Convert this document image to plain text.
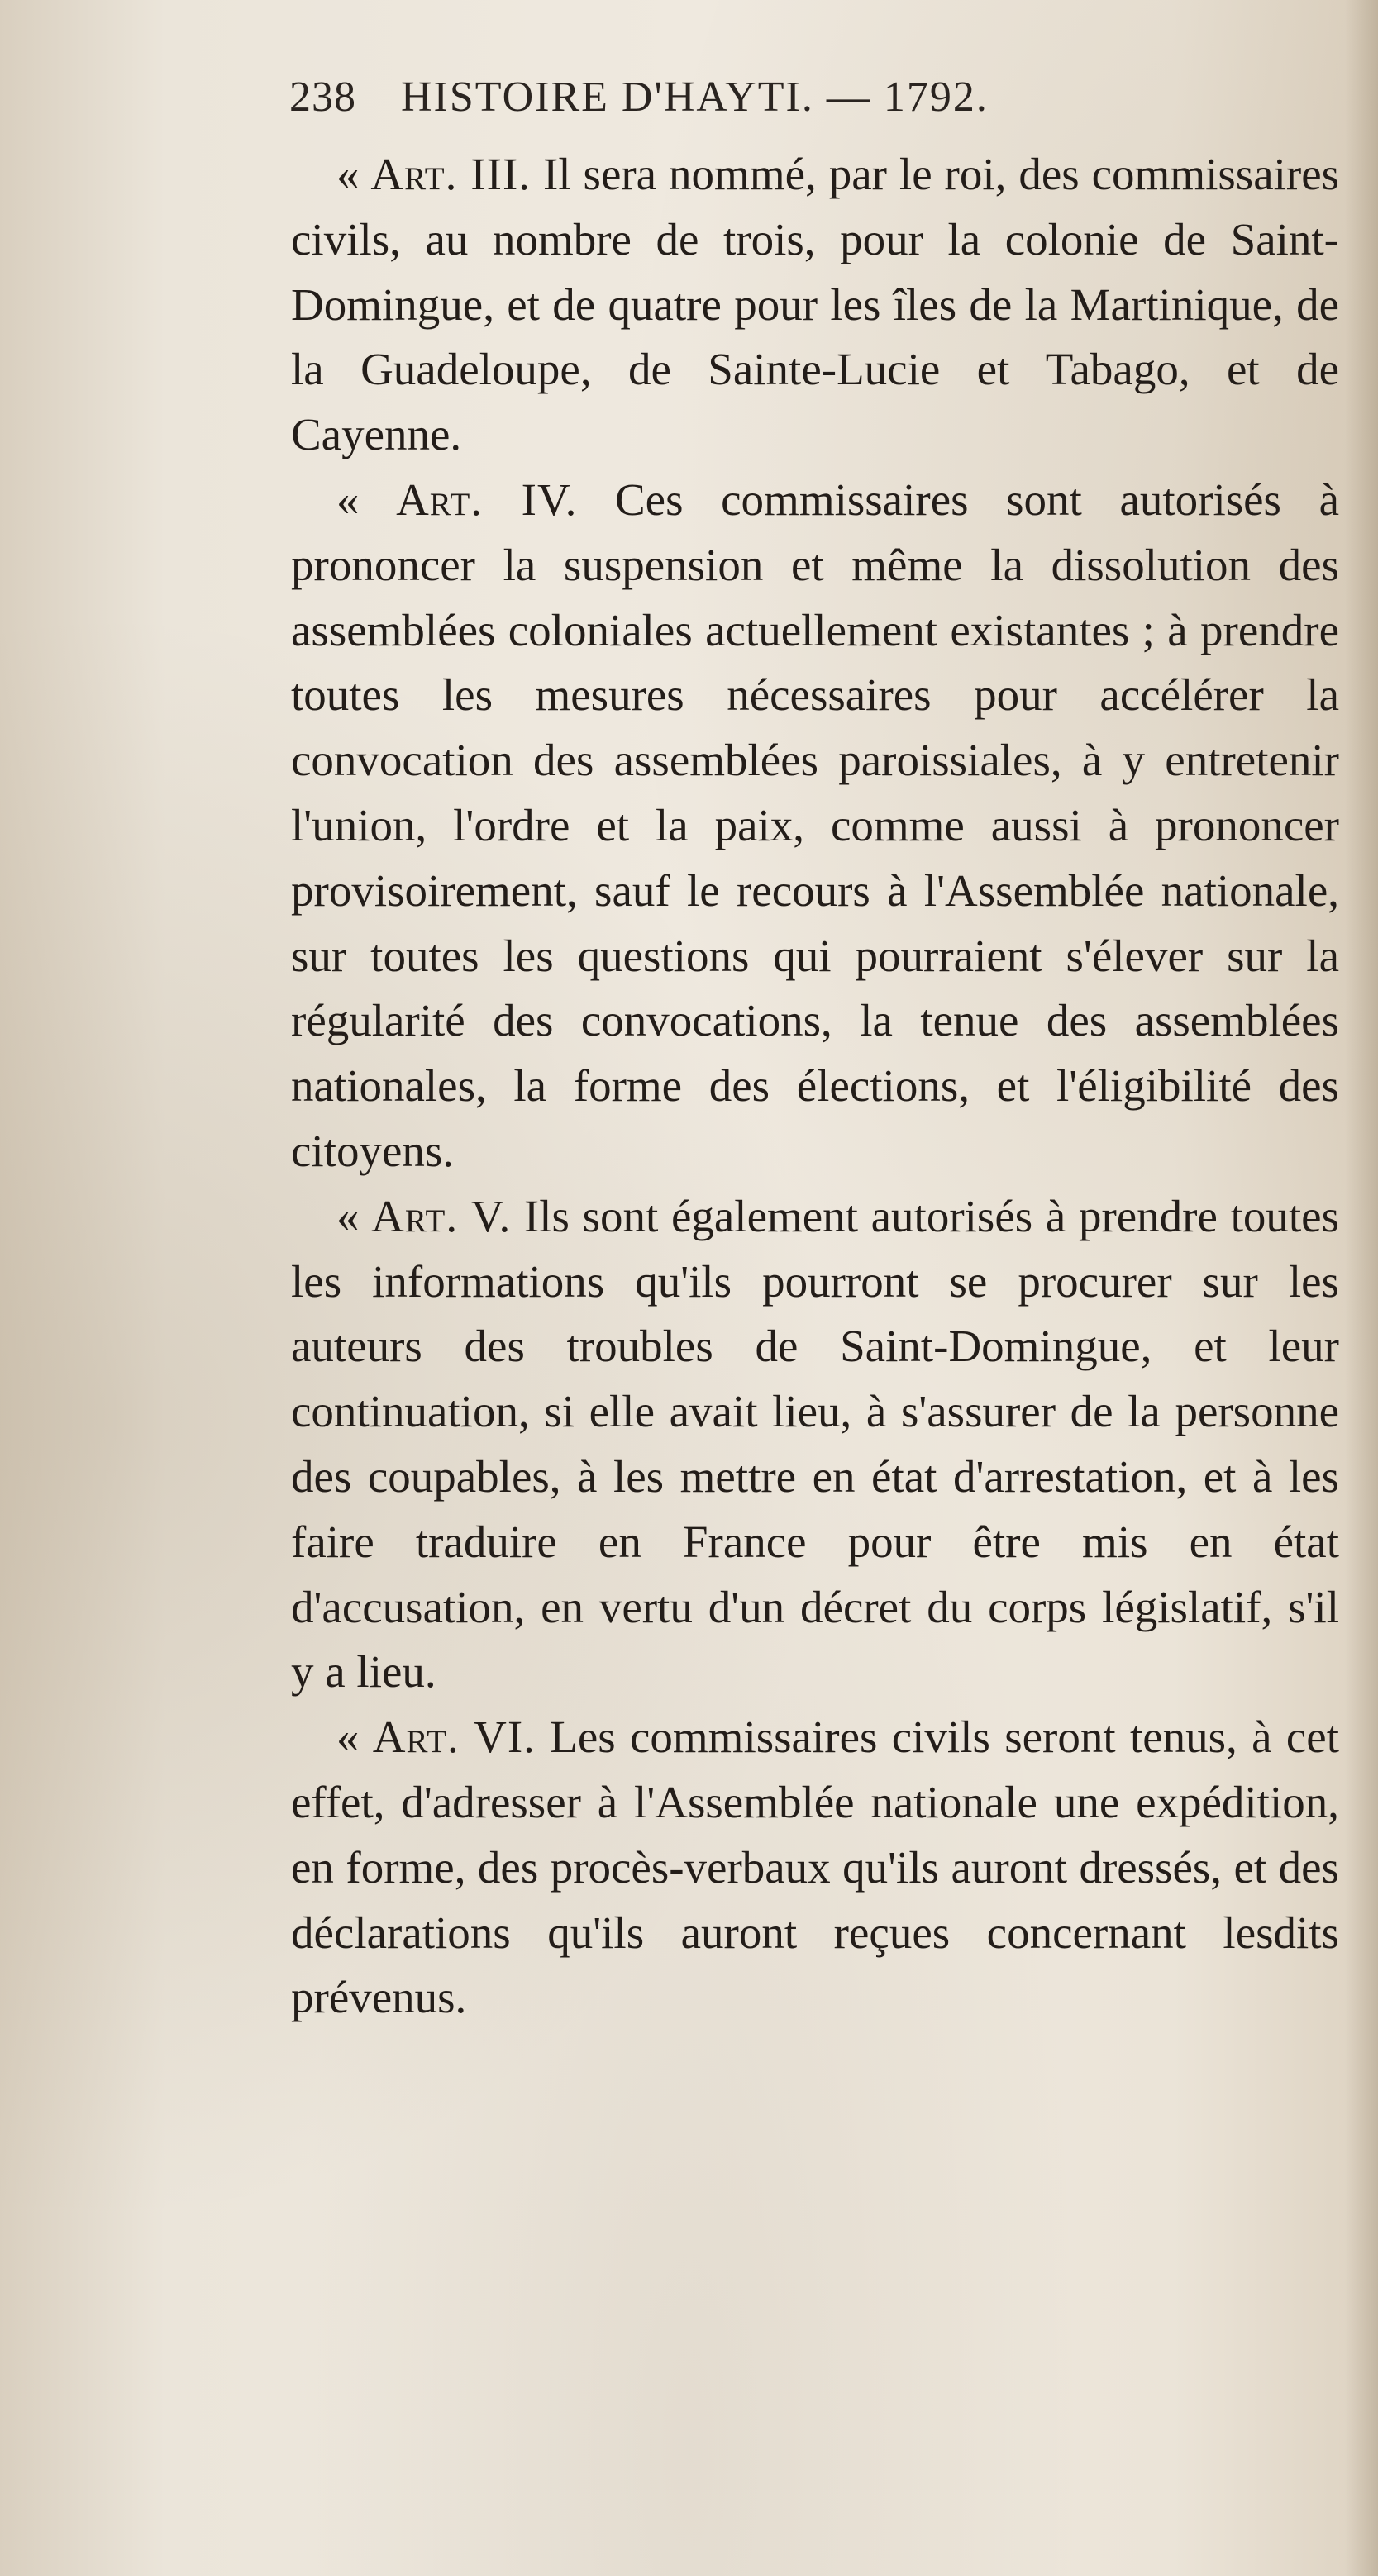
238 HISTOIRE D'HAYTI. — 1792.

« Art. III. Il sera nommé, par le roi, des commissaires civils, au nombre de trois, pour la colonie de Saint-Domingue, et de quatre pour les îles de la Martinique, de la Guadeloupe, de Sainte-Lucie et Tabago, et de Cayenne.

« Art. IV. Ces commissaires sont autorisés à prononcer la suspension et même la dissolution des assemblées coloniales actuellement existantes ; à prendre toutes les mesures nécessaires pour accélérer la convocation des assemblées paroissiales, à y entretenir l'union, l'ordre et la paix, comme aussi à prononcer provisoirement, sauf le recours à l'Assemblée nationale, sur toutes les questions qui pourraient s'élever sur la régularité des convocations, la tenue des assemblées nationales, la forme des élections, et l'éligibilité des citoyens.

« Art. V. Ils sont également autorisés à prendre toutes les informations qu'ils pourront se procurer sur les auteurs des troubles de Saint-Domingue, et leur continuation, si elle avait lieu, à s'assurer de la personne des coupables, à les mettre en état d'arrestation, et à les faire traduire en France pour être mis en état d'accusation, en vertu d'un décret du corps législatif, s'il y a lieu.

« Art. VI. Les commissaires civils seront tenus, à cet effet, d'adresser à l'Assemblée nationale une expédition, en forme, des procès-verbaux qu'ils auront dressés, et des déclarations qu'ils auront reçues concernant lesdits prévenus.
